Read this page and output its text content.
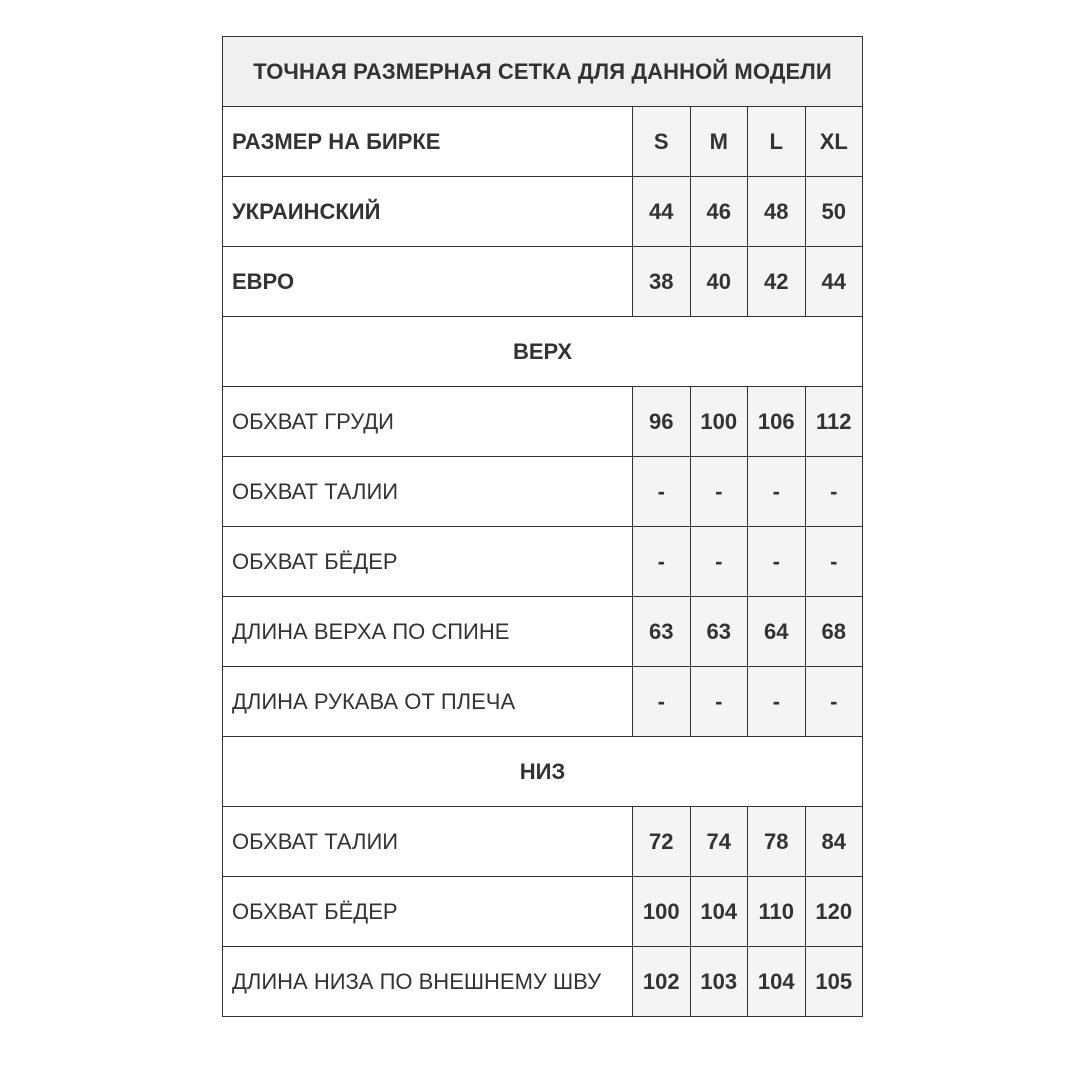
ТОЧНАЯ РАЗМЕРНАЯ СЕТКА ДЛЯ ДАННОЙ МОДЕЛИ				
РАЗМЕР НА БИРКЕ	S	M	L	XL
УКРАИНСКИЙ	44	46	48	50
ЕВРО	38	40	42	44
ВЕРХ				
ОБХВАТ ГРУДИ	96	100	106	112
ОБХВАТ ТАЛИИ	-	-	-	-
ОБХВАТ БЁДЕР	-	-	-	-
ДЛИНА ВЕРХА ПО СПИНЕ	63	63	64	68
ДЛИНА РУКАВА ОТ ПЛЕЧА	-	-	-	-
НИЗ				
ОБХВАТ ТАЛИИ	72	74	78	84
ОБХВАТ БЁДЕР	100	104	110	120
ДЛИНА НИЗА ПО ВНЕШНЕМУ ШВУ	102	103	104	105
